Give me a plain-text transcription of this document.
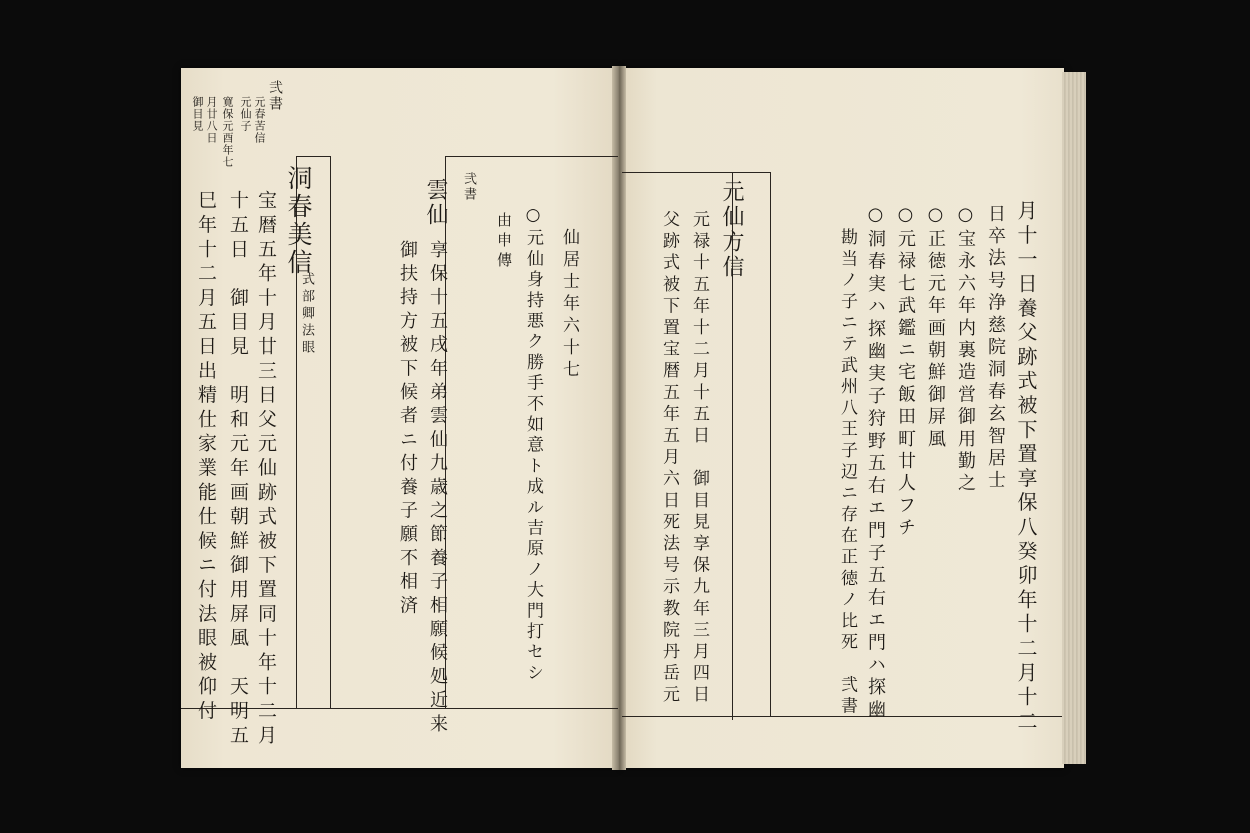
弐書
元春苦信
元仙子
寛保元酉年七
月廿八日
御目見
洞春美信
式部卿法眼
宝暦五年十月廿三日父元仙跡式被下置同十年十二月
十五日　御目見　明和元年画朝鮮御用屏風　天明五
巳年十二月五日出精仕家業能仕候ニ付法眼被仰付
弐書
雲仙
享保十五戌年弟雲仙九歳之節養子相願候処近来
御扶持方被下候者ニ付養子願不相済	仙居士年六十七
○元仙身持悪ク勝手不如意ト成ル吉原ノ大門打セシ
由申傳	元仙方信
元禄十五年十二月十五日　御目見享保九年三月四日
父跡式被下置宝暦五年五月六日死法号示教院丹岳元	月十一日養父跡式被下置享保八癸卯年十二月十二
日卒法号浄慈院洞春玄智居士
○宝永六年内裏造営御用勤之
○正徳元年画朝鮮御屏風
○元禄七武鑑ニ宅飯田町廿人フチ
○洞春実ハ探幽実子狩野五右エ門子五右エ門ハ探幽
勘当ノ子ニテ武州八王子辺ニ存在正徳ノ比死　弐書
